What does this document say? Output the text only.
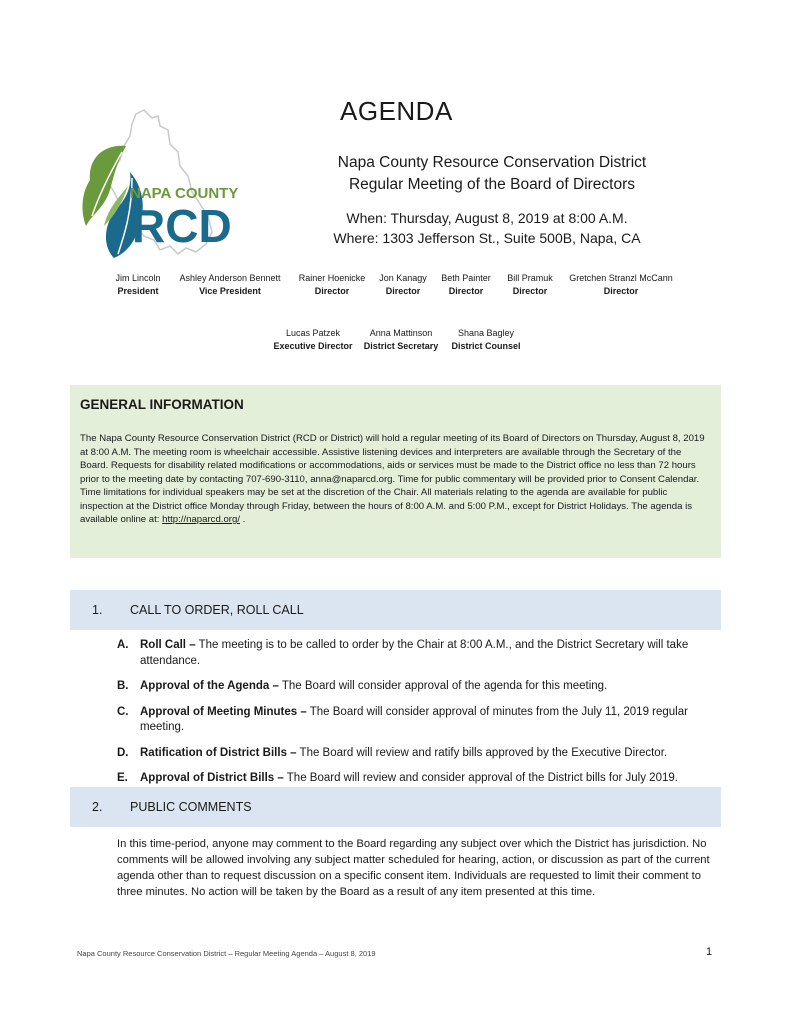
NAPA COUNTY
RCD
AGENDA
Napa County Resource Conservation District
Regular Meeting of the Board of Directors
When: Thursday, August 8, 2019 at 8:00 A.M.
Where: 1303 Jefferson St., Suite 500B, Napa, CA
Jim Lincoln
President
Ashley Anderson Bennett
Vice President
Rainer Hoenicke
Director
Jon Kanagy
Director
Beth Painter
Director
Bill Pramuk
Director
Gretchen Stranzl McCann
Director
Lucas Patzek
Executive Director
Anna Mattinson
District Secretary
Shana Bagley
District Counsel
GENERAL INFORMATION

The Napa County Resource Conservation District (RCD or District) will hold a regular meeting of its Board of Directors on Thursday, August 8, 2019 at 8:00 A.M. The meeting room is wheelchair accessible. Assistive listening devices and interpreters are available through the Secretary of the Board. Requests for disability related modifications or accommodations, aids or services must be made to the District office no less than 72 hours prior to the meeting date by contacting 707-690-3110, anna@naparcd.org. Time for public commentary will be provided prior to Consent Calendar. Time limitations for individual speakers may be set at the discretion of the Chair. All materials relating to the agenda are available for public inspection at the District office Monday through Friday, between the hours of 8:00 A.M. and 5:00 P.M., except for District Holidays. The agenda is available online at: http://naparcd.org/ .

1.	CALL TO ORDER, ROLL CALL
A.	Roll Call – The meeting is to be called to order by the Chair at 8:00 A.M., and the District Secretary will take attendance.
B.	Approval of the Agenda – The Board will consider approval of the agenda for this meeting.
C.	Approval of Meeting Minutes – The Board will consider approval of minutes from the July 11, 2019 regular meeting.
D.	Ratification of District Bills – The Board will review and ratify bills approved by the Executive Director.
E.	Approval of District Bills – The Board will review and consider approval of the District bills for July 2019.
2.	PUBLIC COMMENTS
In this time-period, anyone may comment to the Board regarding any subject over which the District has jurisdiction. No comments will be allowed involving any subject matter scheduled for hearing, action, or discussion as part of the current agenda other than to request discussion on a specific consent item. Individuals are requested to limit their comment to three minutes. No action will be taken by the Board as a result of any item presented at this time.
Napa County Resource Conservation District – Regular Meeting Agenda – August 8, 2019	1
